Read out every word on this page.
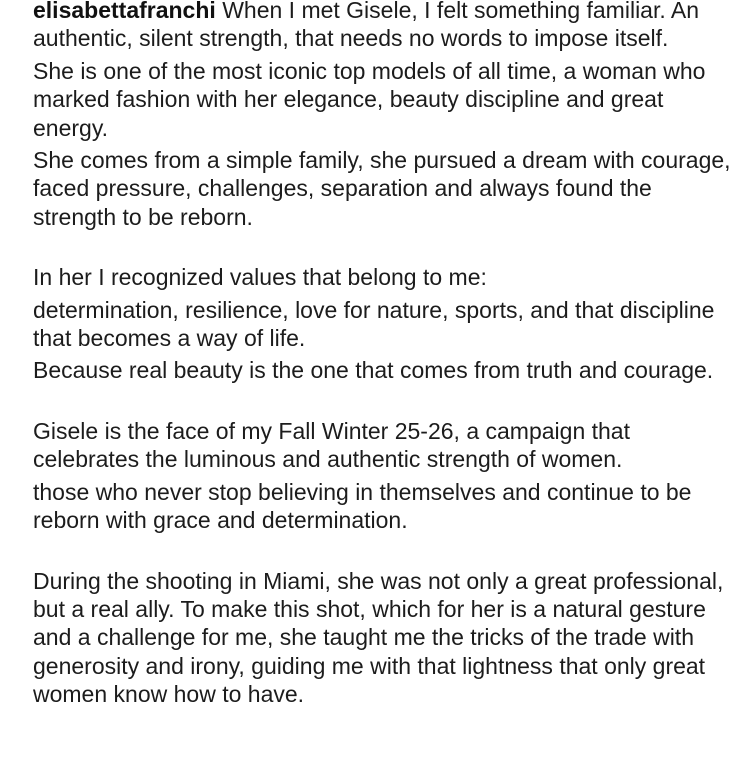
elisabettafranchi When I met Gisele, I felt something familiar. An authentic, silent strength, that needs no words to impose itself.

She is one of the most iconic top models of all time, a woman who marked fashion with her elegance, beauty discipline and great energy.

She comes from a simple family, she pursued a dream with courage, faced pressure, challenges, separation and always found the strength to be reborn.

In her I recognized values that belong to me:

determination, resilience, love for nature, sports, and that discipline that becomes a way of life.

Because real beauty is the one that comes from truth and courage.

Gisele is the face of my Fall Winter 25-26, a campaign that celebrates the luminous and authentic strength of women.

those who never stop believing in themselves and continue to be reborn with grace and determination.

During the shooting in Miami, she was not only a great professional, but a real ally. To make this shot, which for her is a natural gesture and a challenge for me, she taught me the tricks of the trade with generosity and irony, guiding me with that lightness that only great women know how to have.
